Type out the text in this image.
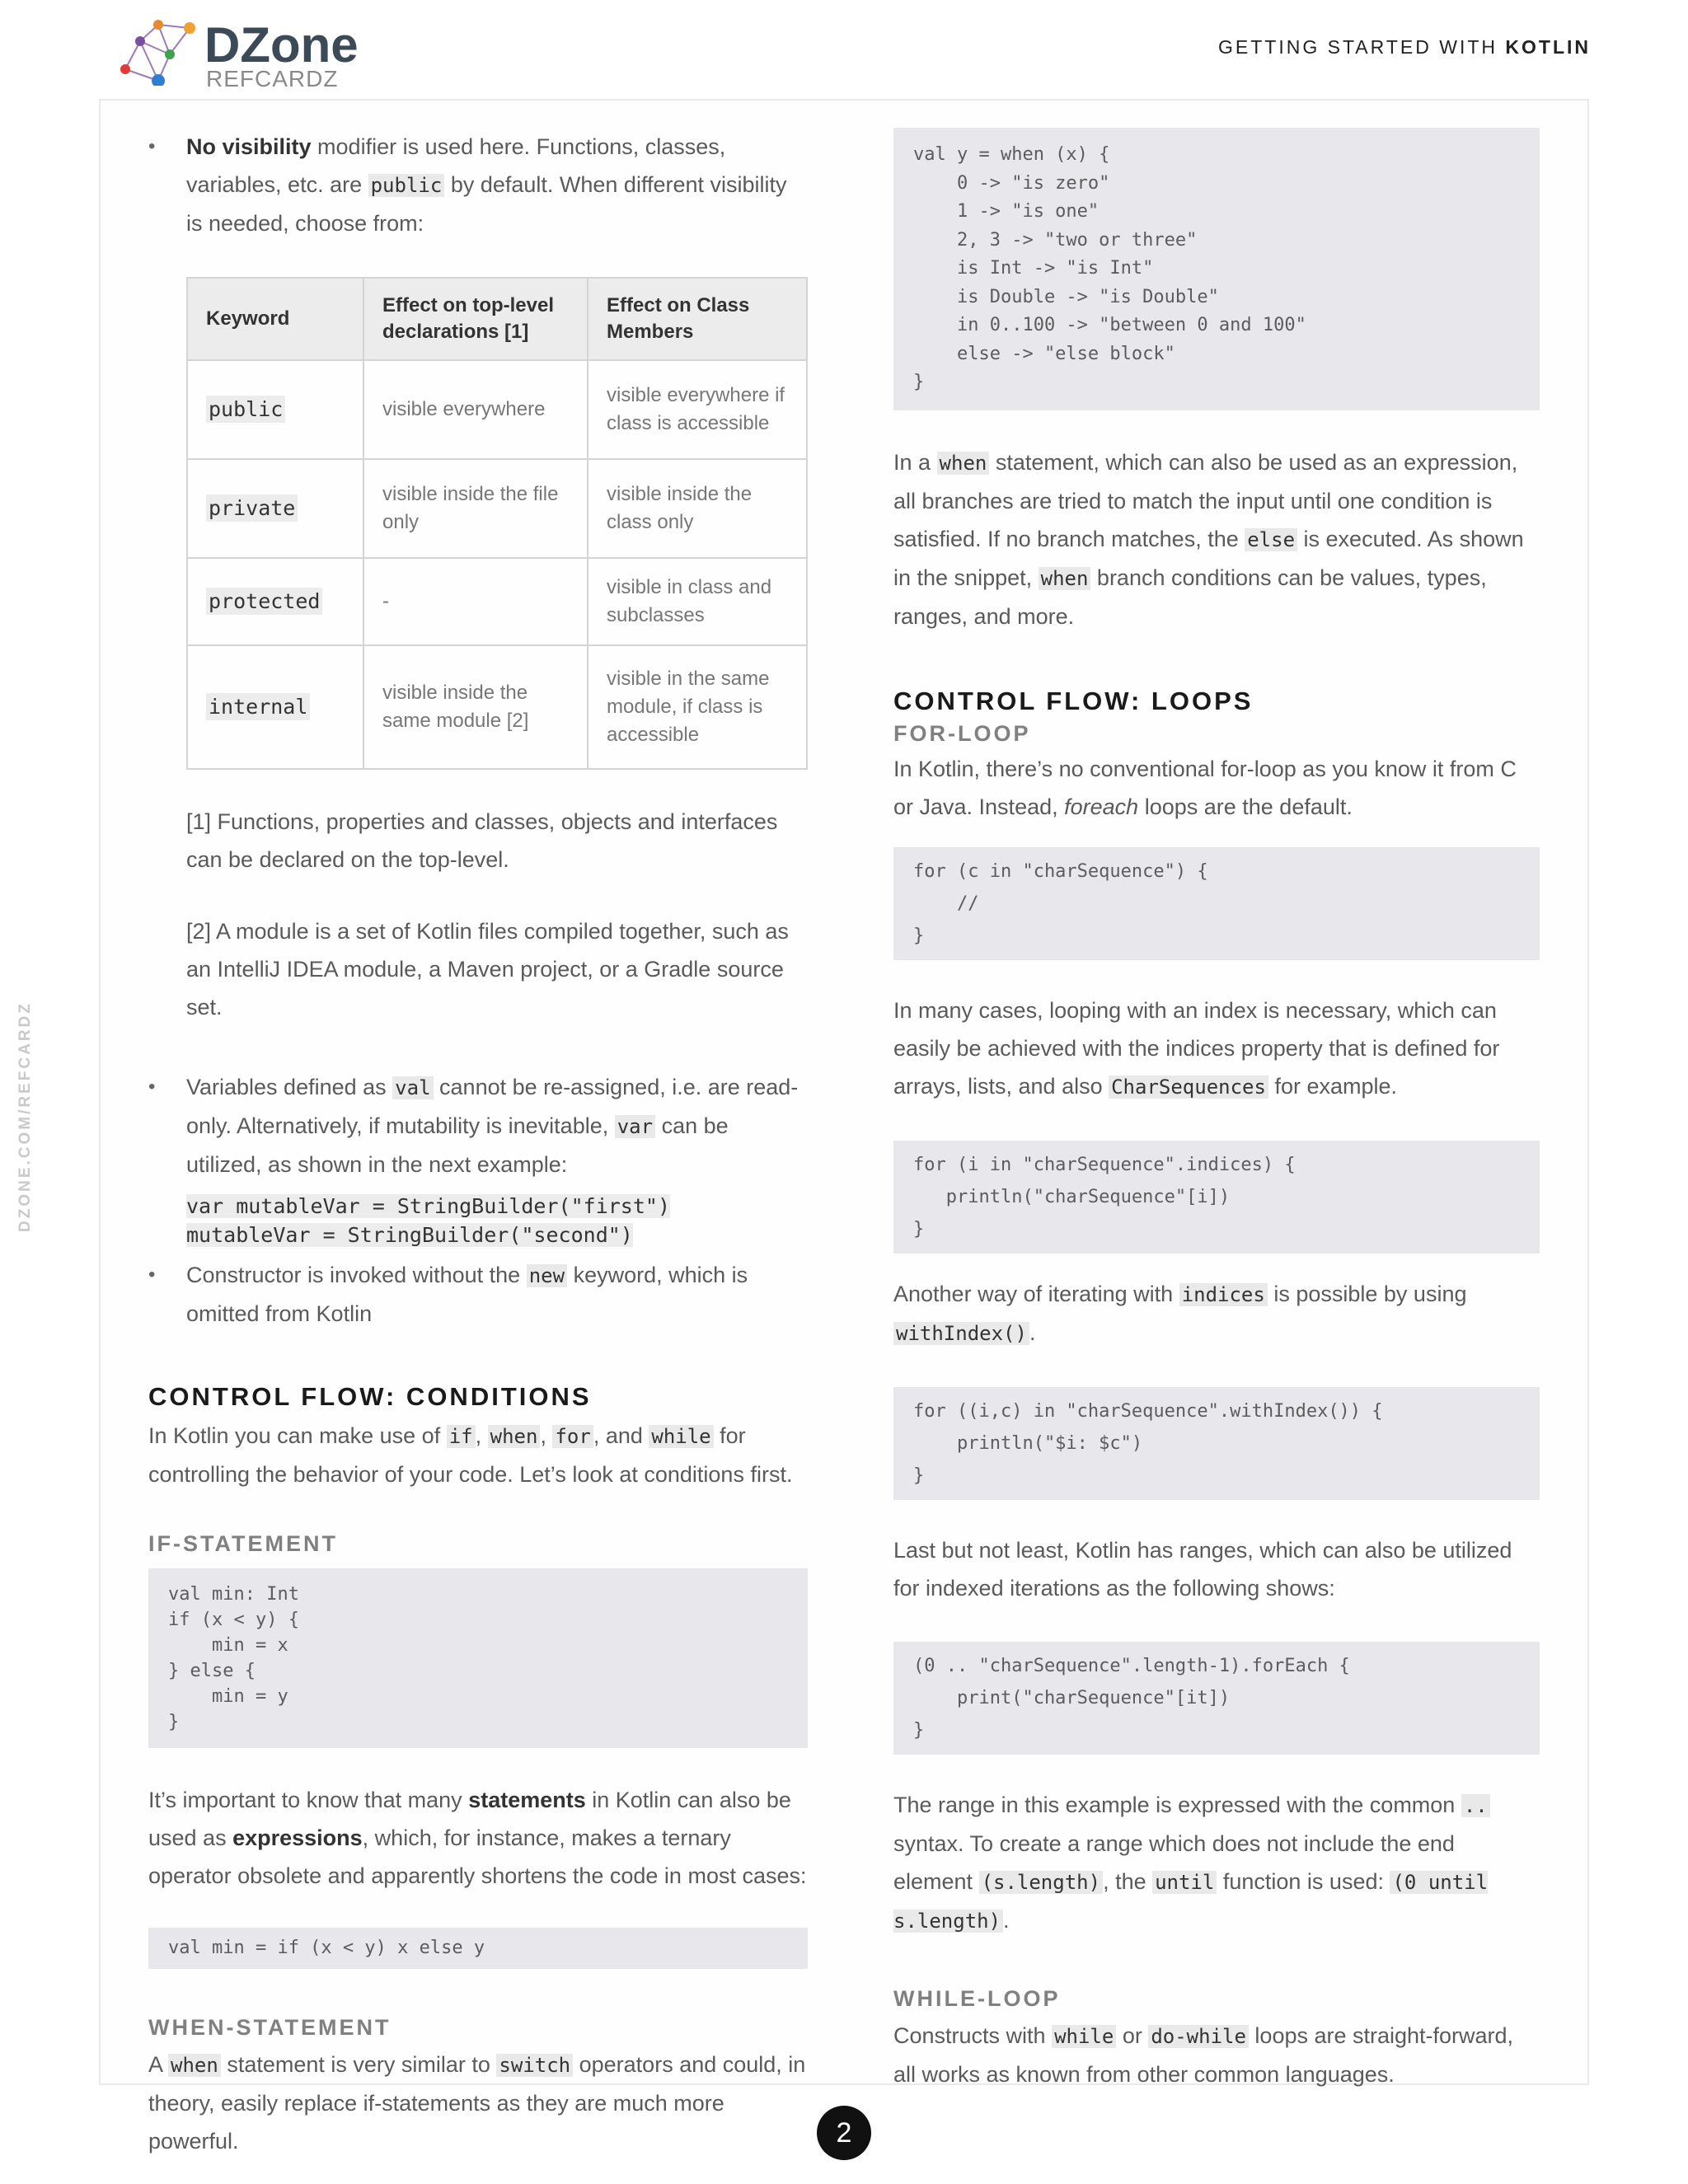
DZone
REFCARDZ
GETTING STARTED WITH KOTLIN
DZONE.COM/REFCARDZ

• No visibility modifier is used here. Functions, classes, variables, etc. are public by default. When different visibility is needed, choose from:

Keyword	Effect on top-level declarations [1]	Effect on Class Members
public	visible everywhere	visible everywhere if class is accessible
private	visible inside the file only	visible inside the class only
protected	-	visible in class and subclasses
internal	visible inside the same module [2]	visible in the same module, if class is accessible

[1] Functions, properties and classes, objects and interfaces can be declared on the top-level.

[2] A module is a set of Kotlin files compiled together, such as an IntelliJ IDEA module, a Maven project, or a Gradle source set.

• Variables defined as val cannot be re-assigned, i.e. are read-only. Alternatively, if mutability is inevitable, var can be utilized, as shown in the next example:

var mutableVar = StringBuilder("first")
mutableVar = StringBuilder("second")

• Constructor is invoked without the new keyword, which is omitted from Kotlin

CONTROL FLOW: CONDITIONS

In Kotlin you can make use of if , when , for , and while for controlling the behavior of your code. Let’s look at conditions first.

IF-STATEMENT
val min: Int
if (x < y) {
min = x
} else {
min = y
}

It’s important to know that many statements in Kotlin can also be used as expressions, which, for instance, makes a ternary operator obsolete and apparently shortens the code in most cases:

val min = if (x < y) x else y
WHEN-STATEMENT

A when statement is very similar to switch operators and could, in theory, easily replace if-statements as they are much more powerful.

val y = when (x) {
0 -> "is zero"
1 -> "is one"
2, 3 -> "two or three"
is Int -> "is Int"
is Double -> "is Double"
in 0..100 -> "between 0 and 100"
else -> "else block"
}

In a when statement, which can also be used as an expression, all branches are tried to match the input until one condition is satisfied. If no branch matches, the else is executed. As shown in the snippet, when branch conditions can be values, types, ranges, and more.

CONTROL FLOW: LOOPS
FOR-LOOP

In Kotlin, there’s no conventional for-loop as you know it from C or Java. Instead, foreach loops are the default.

for (c in "charSequence") {
//
}

In many cases, looping with an index is necessary, which can easily be achieved with the indices property that is defined for arrays, lists, and also CharSequences for example.

for (i in "charSequence".indices) {
println("charSequence"[i])
}

Another way of iterating with indices is possible by using withIndex() .

for ((i,c) in "charSequence".withIndex()) {
println("$i: $c")
}

Last but not least, Kotlin has ranges, which can also be utilized for indexed iterations as the following shows:

(0 .. "charSequence".length-1).forEach {
print("charSequence"[it])
}

The range in this example is expressed with the common .. syntax. To create a range which does not include the end element (s.length) , the until function is used: (0 until s.length) .

WHILE-LOOP

Constructs with while or do-while loops are straight-forward, all works as known from other common languages.

2
